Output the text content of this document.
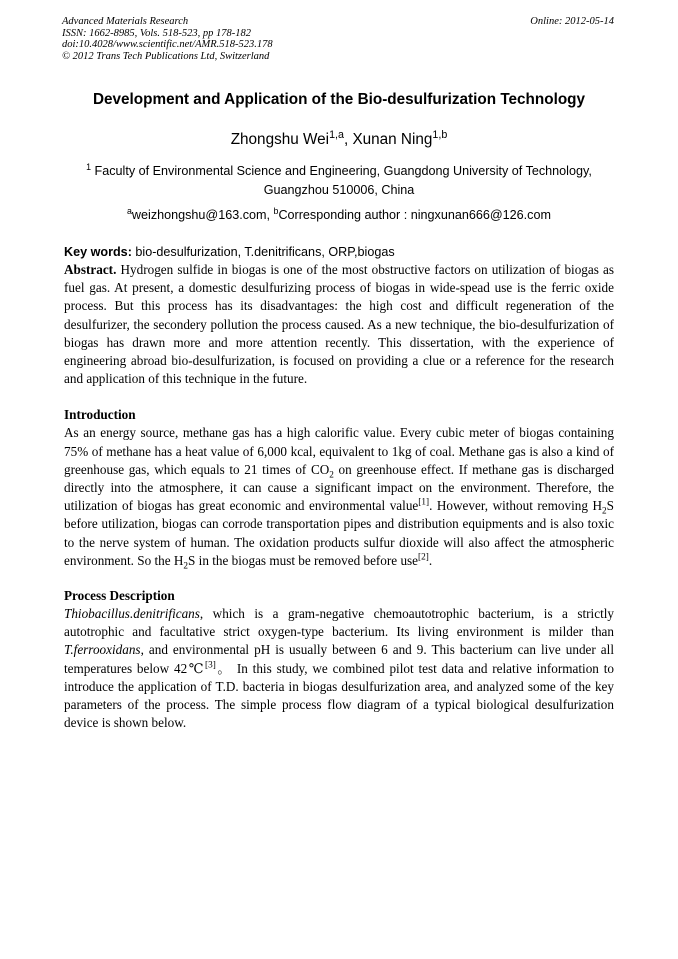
Advanced Materials Research
ISSN: 1662-8985, Vols. 518-523, pp 178-182
doi:10.4028/www.scientific.net/AMR.518-523.178
© 2012 Trans Tech Publications Ltd, Switzerland
Online: 2012-05-14
Development and Application of the Bio-desulfurization Technology
Zhongshu Wei$^{1,a}$, Xunan Ning$^{1,b}$
$^1$ Faculty of Environmental Science and Engineering, Guangdong University of Technology,
Guangzhou 510006, China
$^a$weizhongshu@163.com, $^b$Corresponding author : ningxunan666@126.com
Key words: bio-desulfurization, T.denitrificans, ORP,biogas

Abstract. Hydrogen sulfide in biogas is one of the most obstructive factors on utilization of biogas as fuel gas. At present, a domestic desulfurizing process of biogas in wide-spead use is the ferric oxide process. But this process has its disadvantages: the high cost and difficult regeneration of the desulfurizer, the secondery pollution the process caused. As a new technique, the bio-desulfurization of biogas has drawn more and more attention recently. This dissertation, with the experience of engineering abroad bio-desulfurization, is focused on providing a clue or a reference for the research and application of this technique in the future.

Introduction

As an energy source, methane gas has a high calorific value. Every cubic meter of biogas containing 75% of methane has a heat value of 6,000 kcal, equivalent to 1kg of coal. Methane gas is also a kind of greenhouse gas, which equals to 21 times of $CO_2$ on greenhouse effect. If methane gas is discharged directly into the atmosphere, it can cause a significant impact on the environment. Therefore, the utilization of biogas has great economic and environmental value[1]. However, without removing $H_2S$ before utilization, biogas can corrode transportation pipes and distribution equipments and is also toxic to the nerve system of human. The oxidation products sulfur dioxide will also affect the atmospheric environment. So the $H_2S$ in the biogas must be removed before use[2].

Process Description

Thiobacillus.denitrificans, which is a gram-negative chemoautotrophic bacterium, is a strictly autotrophic and facultative strict oxygen-type bacterium. Its living environment is milder than T.ferrooxidans, and environmental pH is usually between 6 and 9. This bacterium can live under all temperatures below 42℃[3]。 In this study, we combined pilot test data and relative information to introduce the application of T.D. bacteria in biogas desulfurization area, and analyzed some of the key parameters of the process. The simple process flow diagram of a typical biological desulfurization device is shown below.
